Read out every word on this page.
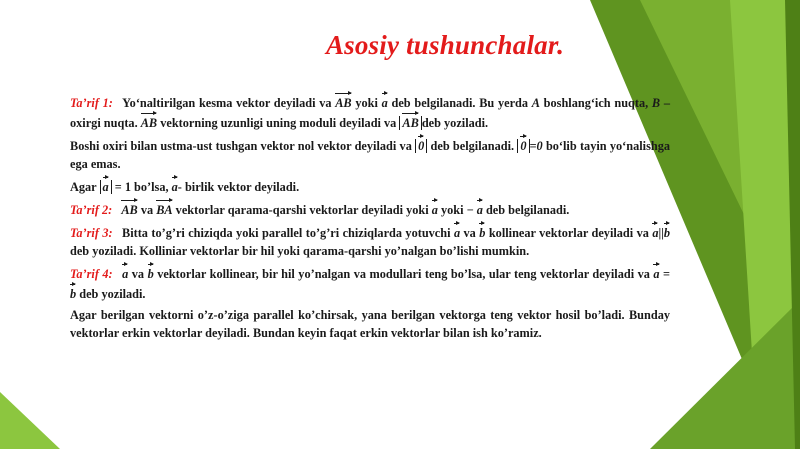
Asosiy tushunchalar.

Ta’rif 1: Yo‘naltirilgan kesma vektor deyiladi va AB yoki a deb belgilanadi. Bu yerda A boshlang‘ich nuqta, B – oxirgi nuqta. AB vektorning uzunligi uning moduli deyiladi va AB deb yoziladi.

Boshi oxiri bilan ustma-ust tushgan vektor nol vektor deyiladi va 0 deb belgilanadi. 0 =0 bo‘lib tayin yo‘nalishga ega emas.

Agar a = 1 bo’lsa, a- birlik vektor deyiladi.

Ta’rif 2: AB va BA vektorlar qarama-qarshi vektorlar deyiladi yoki a yoki − a deb belgilanadi.

Ta’rif 3: Bitta to’g’ri chiziqda yoki parallel to’g’ri chiziqlarda yotuvchi a va b kollinear vektorlar deyiladi va a||b deb yoziladi. Kolliniar vektorlar bir hil yoki qarama-qarshi yo’nalgan bo’lishi mumkin.

Ta’rif 4: a va b vektorlar kollinear, bir hil yo’nalgan va modullari teng bo’lsa, ular teng vektorlar deyiladi va a = b deb yoziladi.

Agar berilgan vektorni o’z-o’ziga parallel ko’chirsak, yana berilgan vektorga teng vektor hosil bo’ladi. Bunday vektorlar erkin vektorlar deyiladi. Bundan keyin faqat erkin vektorlar bilan ish ko’ramiz.
